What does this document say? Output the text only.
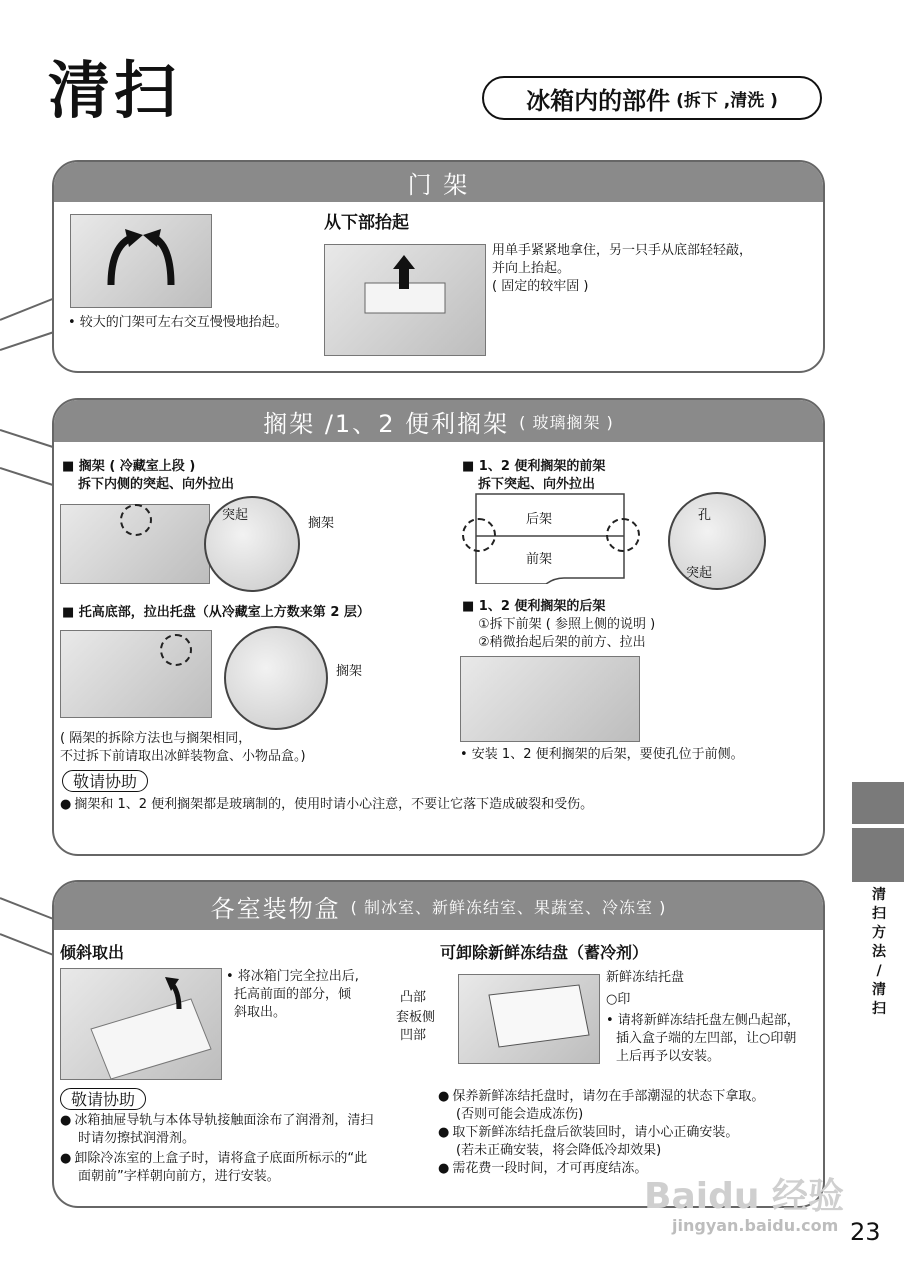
清扫	冰箱内的部件 (拆下 ,清洗 )
门 架
• 较大的门架可左右交互慢慢地抬起。
从下部抬起
用单手紧紧地拿住，另一只手从底部轻轻敲，
并向上抬起。
( 固定的较牢固 )
搁架 /1、2 便利搁架 ( 玻璃搁架 )
■ 搁架 ( 冷藏室上段 )
拆下内侧的突起、向外拉出
突起
搁架
■ 托高底部，拉出托盘（从冷藏室上方数来第 2 层）
搁架
( 隔架的拆除方法也与搁架相同，
不过拆下前请取出冰鲜装物盒、小物品盒。)
■ 1、2 便利搁架的前架
拆下突起、向外拉出
后架
前架
孔
突起
■ 1、2 便利搁架的后架
①拆下前架 ( 参照上侧的说明 )
②稍微抬起后架的前方、拉出
• 安装 1、2 便利搁架的后架，要使孔位于前侧。
敬请协助
● 搁架和 1、2 便利搁架都是玻璃制的，使用时请小心注意，不要让它落下造成破裂和受伤。
各室装物盒 ( 制冰室、新鲜冻结室、果蔬室、冷冻室 )
倾斜取出
• 将冰箱门完全拉出后,
托高前面的部分，倾
斜取出。
可卸除新鲜冻结盘（蓄冷剂）
新鲜冻结托盘
○印
凸部
套板侧
凹部
• 请将新鲜冻结托盘左侧凸起部，
插入盒子端的左凹部，让○印朝
上后再予以安装。
敬请协助
● 冰箱抽屉导轨与本体导轨接触面涂布了润滑剂，清扫
时请勿擦拭润滑剂。
● 卸除冷冻室的上盒子时，请将盒子底面所标示的“此
面朝前”字样朝向前方，进行安装。
● 保养新鲜冻结托盘时，请勿在手部潮湿的状态下拿取。
(否则可能会造成冻伤)
● 取下新鲜冻结托盘后欲装回时，请小心正确安装。
(若未正确安装，将会降低冷却效果)
● 需花费一段时间，才可再度结冻。
清
扫
方
法
/
清
扫
Baidu 经验
jingyan.baidu.com 23
